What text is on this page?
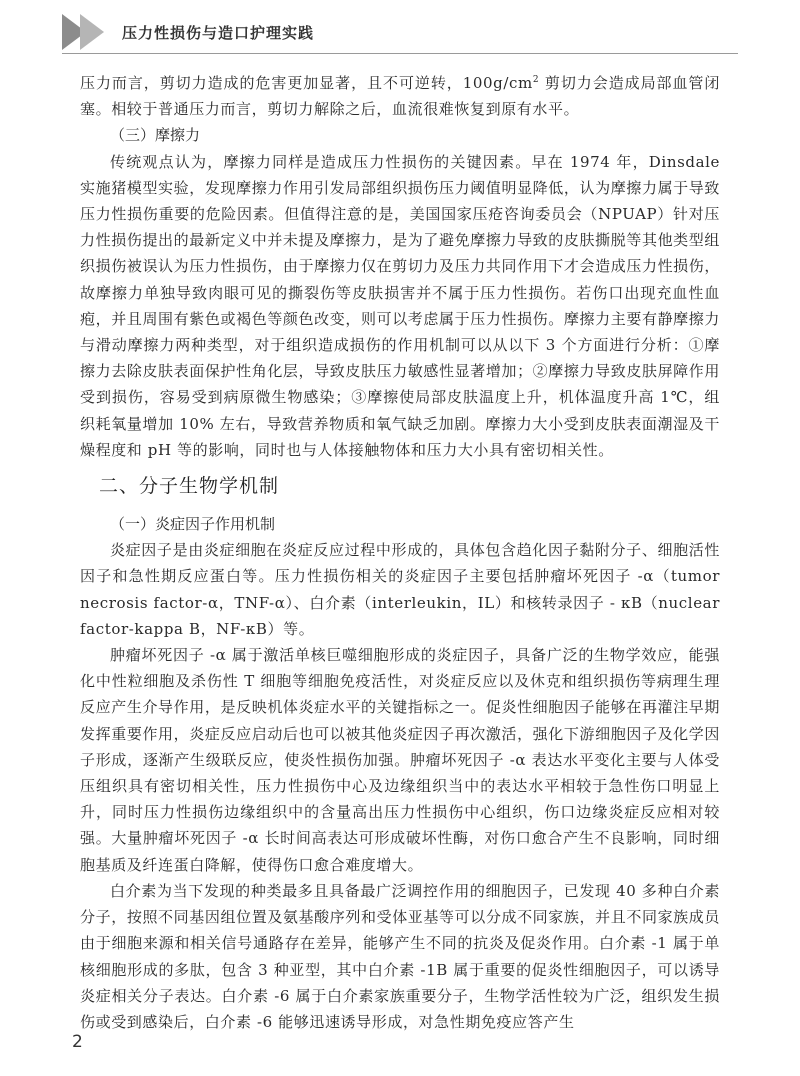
压力性损伤与造口护理实践

压力而言，剪切力造成的危害更加显著，且不可逆转，$100g/cm^2$ 剪切力会造成局部血管闭塞。相较于普通压力而言，剪切力解除之后，血流很难恢复到原有水平。

（三）摩擦力

传统观点认为，摩擦力同样是造成压力性损伤的关键因素。早在 1974 年，Dinsdale 实施猪模型实验，发现摩擦力作用引发局部组织损伤压力阈值明显降低，认为摩擦力属于导致压力性损伤重要的危险因素。但值得注意的是，美国国家压疮咨询委员会（NPUAP）针对压力性损伤提出的最新定义中并未提及摩擦力，是为了避免摩擦力导致的皮肤撕脱等其他类型组织损伤被误认为压力性损伤，由于摩擦力仅在剪切力及压力共同作用下才会造成压力性损伤，故摩擦力单独导致肉眼可见的撕裂伤等皮肤损害并不属于压力性损伤。若伤口出现充血性血疱，并且周围有紫色或褐色等颜色改变，则可以考虑属于压力性损伤。摩擦力主要有静摩擦力与滑动摩擦力两种类型，对于组织造成损伤的作用机制可以从以下 3 个方面进行分析：①摩擦力去除皮肤表面保护性角化层，导致皮肤压力敏感性显著增加；②摩擦力导致皮肤屏障作用受到损伤，容易受到病原微生物感染；③摩擦使局部皮肤温度上升，机体温度升高 1℃，组织耗氧量增加 10% 左右，导致营养物质和氧气缺乏加剧。摩擦力大小受到皮肤表面潮湿及干燥程度和 pH 等的影响，同时也与人体接触物体和压力大小具有密切相关性。

二、分子生物学机制
（一）炎症因子作用机制

炎症因子是由炎症细胞在炎症反应过程中形成的，具体包含趋化因子黏附分子、细胞活性因子和急性期反应蛋白等。压力性损伤相关的炎症因子主要包括肿瘤坏死因子 -α（tumor necrosis factor-α，TNF-α）、白介素（interleukin，IL）和核转录因子 - κB（nuclear factor-kappa B，NF-κB）等。

肿瘤坏死因子 -α 属于激活单核巨噬细胞形成的炎症因子，具备广泛的生物学效应，能强化中性粒细胞及杀伤性 T 细胞等细胞免疫活性，对炎症反应以及休克和组织损伤等病理生理反应产生介导作用，是反映机体炎症水平的关键指标之一。促炎性细胞因子能够在再灌注早期发挥重要作用，炎症反应启动后也可以被其他炎症因子再次激活，强化下游细胞因子及化学因子形成，逐渐产生级联反应，使炎性损伤加强。肿瘤坏死因子 -α 表达水平变化主要与人体受压组织具有密切相关性，压力性损伤中心及边缘组织当中的表达水平相较于急性伤口明显上升，同时压力性损伤边缘组织中的含量高出压力性损伤中心组织，伤口边缘炎症反应相对较强。大量肿瘤坏死因子 -α 长时间高表达可形成破坏性酶，对伤口愈合产生不良影响，同时细胞基质及纤连蛋白降解，使得伤口愈合难度增大。

白介素为当下发现的种类最多且具备最广泛调控作用的细胞因子，已发现 40 多种白介素分子，按照不同基因组位置及氨基酸序列和受体亚基等可以分成不同家族，并且不同家族成员由于细胞来源和相关信号通路存在差异，能够产生不同的抗炎及促炎作用。白介素 -1 属于单核细胞形成的多肽，包含 3 种亚型，其中白介素 -1B 属于重要的促炎性细胞因子，可以诱导炎症相关分子表达。白介素 -6 属于白介素家族重要分子，生物学活性较为广泛，组织发生损伤或受到感染后，白介素 -6 能够迅速诱导形成，对急性期免疫应答产生

2
